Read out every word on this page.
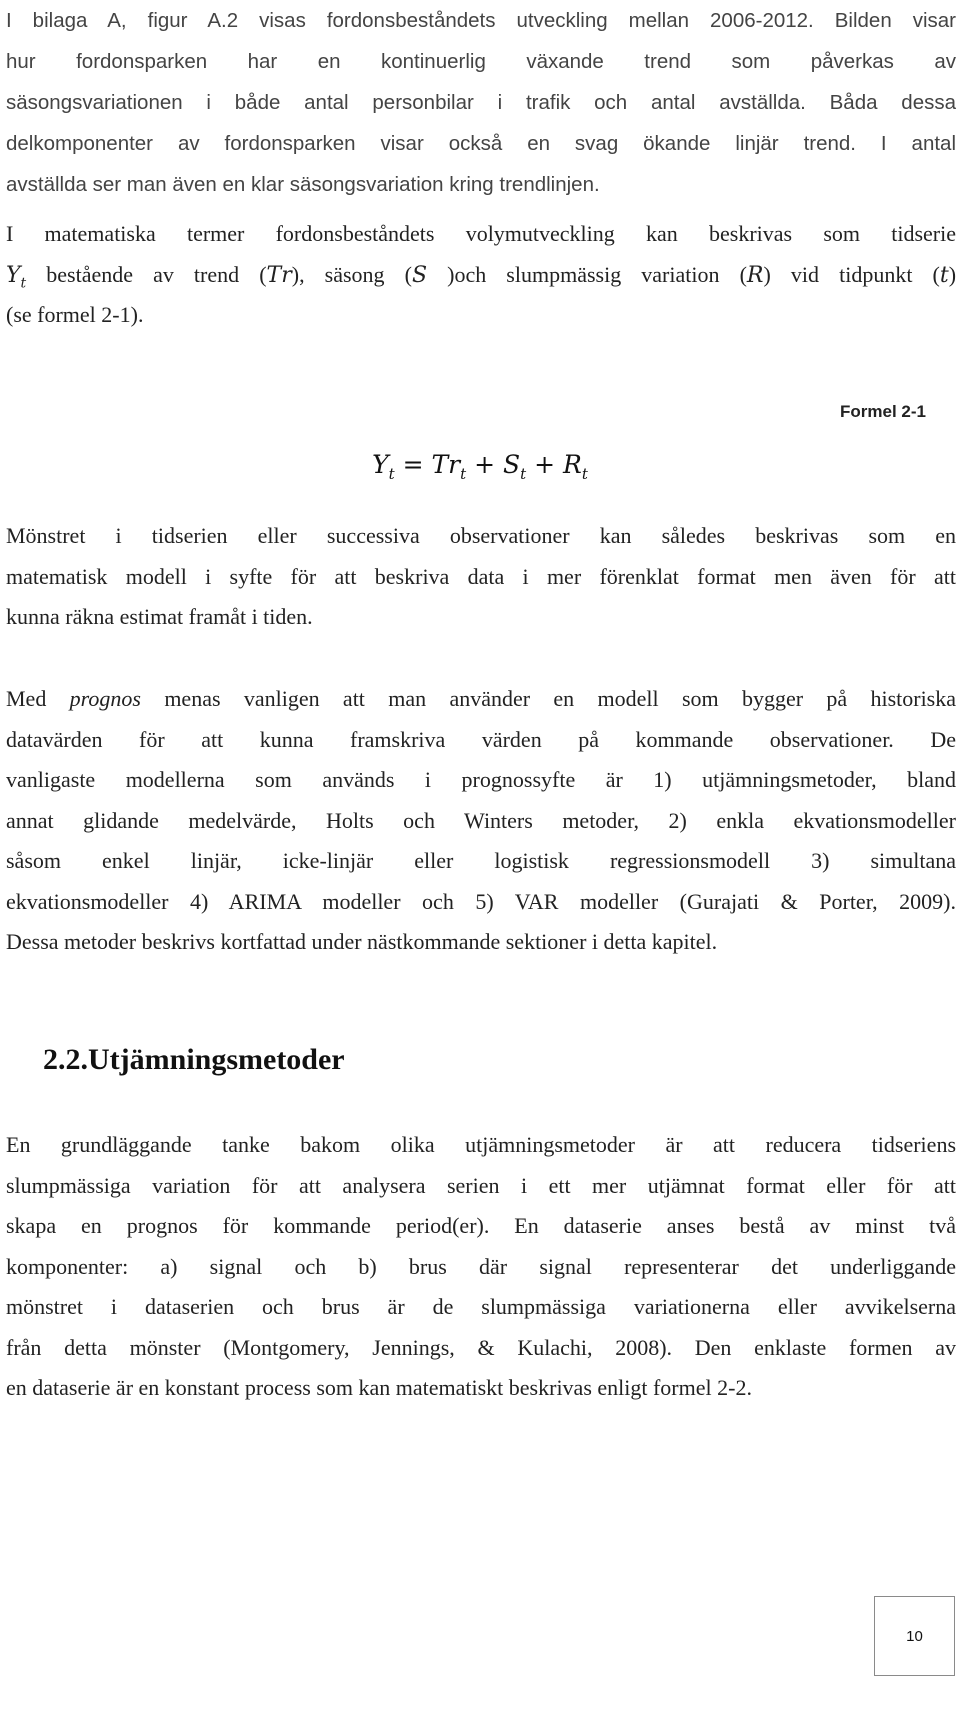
I bilaga A, figur A.2 visas fordonsbeståndets utveckling mellan 2006-2012. Bilden visar
hur fordonsparken har en kontinuerlig växande trend som påverkas av
säsongsvariationen i både antal personbilar i trafik och antal avställda. Båda dessa
delkomponenter av fordonsparken visar också en svag ökande linjär trend. I antal
avställda ser man även en klar säsongsvariation kring trendlinjen.
I matematiska termer fordonsbeståndets volymutveckling kan beskrivas som tidserie
$Y_t$ bestående av trend (Tr), säsong (S )och slumpmässig variation (R) vid tidpunkt (t)
(se formel 2-1).
Formel 2-1
$Y_t = Tr_t + S_t + R_t$
Mönstret i tidserien eller successiva observationer kan således beskrivas som en
matematisk modell i syfte för att beskriva data i mer förenklat format men även för att
kunna räkna estimat framåt i tiden.
Med prognos menas vanligen att man använder en modell som bygger på historiska
datavärden för att kunna framskriva värden på kommande observationer. De
vanligaste modellerna som används i prognossyfte är 1) utjämningsmetoder, bland
annat glidande medelvärde, Holts och Winters metoder, 2) enkla ekvationsmodeller
såsom enkel linjär, icke-linjär eller logistisk regressionsmodell 3) simultana
ekvationsmodeller 4) ARIMA modeller och 5) VAR modeller (Gurajati & Porter, 2009).
Dessa metoder beskrivs kortfattad under nästkommande sektioner i detta kapitel.
2.2.Utjämningsmetoder
En grundläggande tanke bakom olika utjämningsmetoder är att reducera tidseriens
slumpmässiga variation för att analysera serien i ett mer utjämnat format eller för att
skapa en prognos för kommande period(er). En dataserie anses bestå av minst två
komponenter: a) signal och b) brus där signal representerar det underliggande
mönstret i dataserien och brus är de slumpmässiga variationerna eller avvikelserna
från detta mönster (Montgomery, Jennings, & Kulachi, 2008). Den enklaste formen av
en dataserie är en konstant process som kan matematiskt beskrivas enligt formel 2-2.
10
